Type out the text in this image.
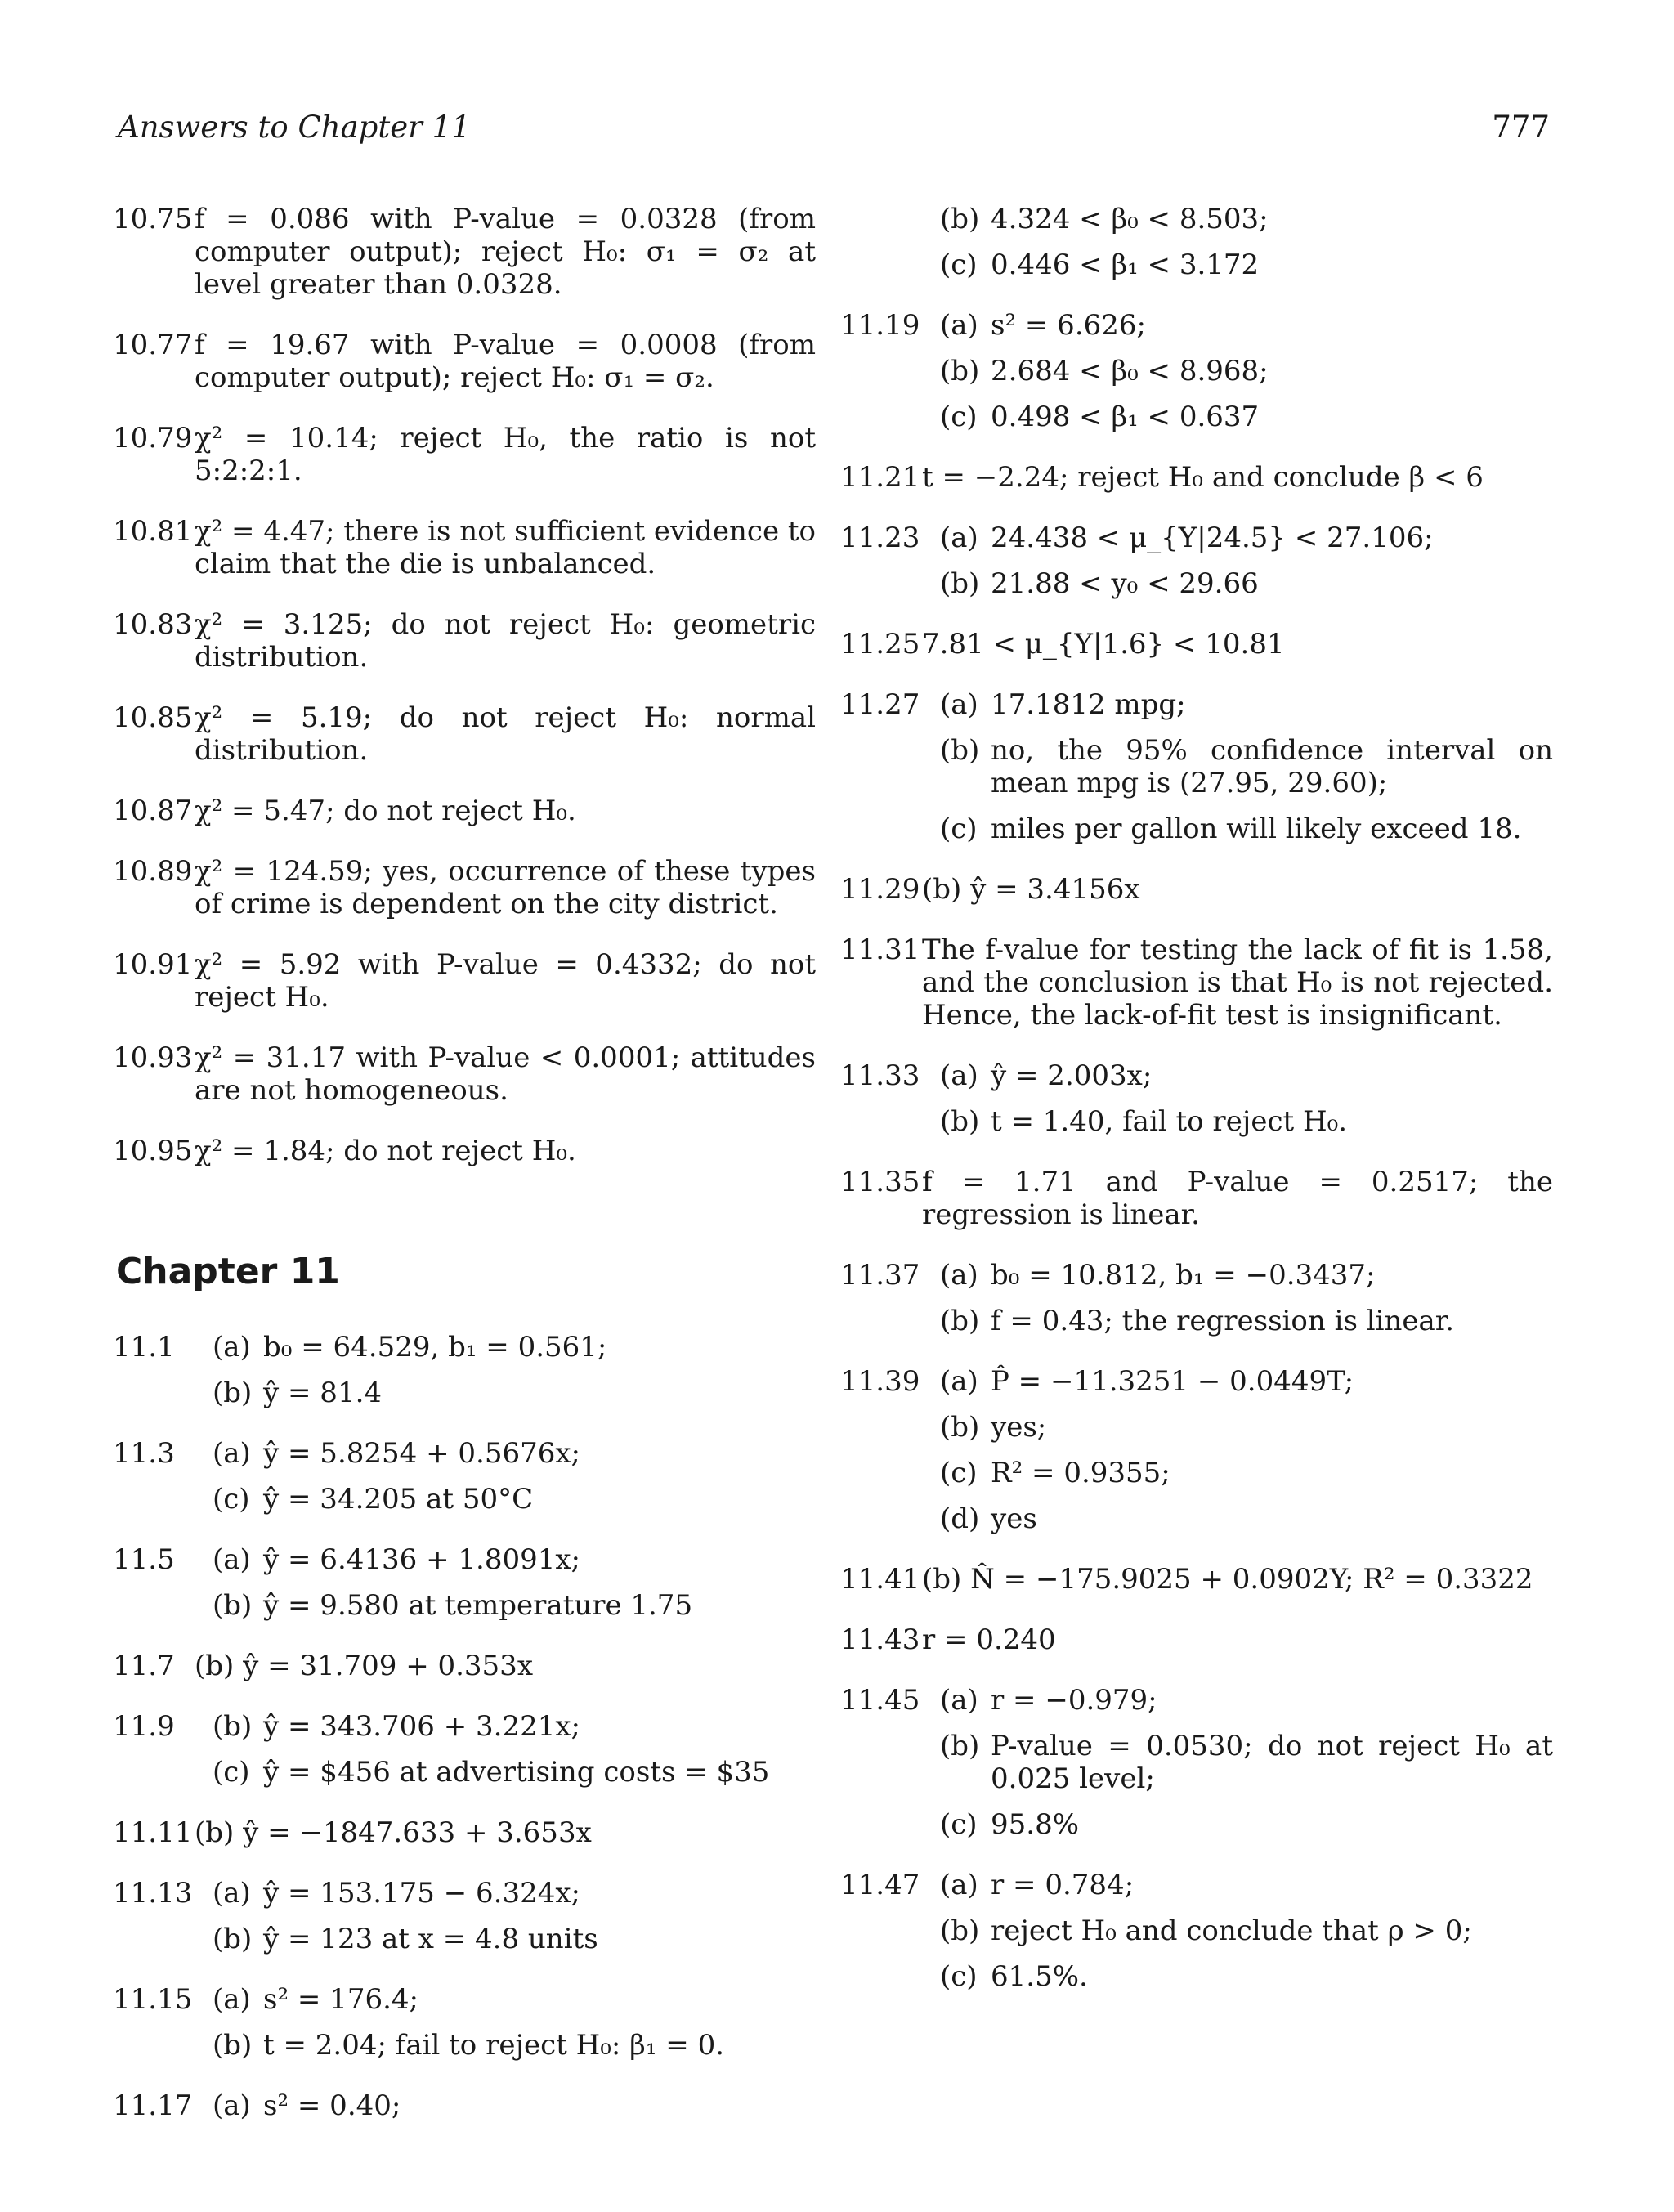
Answers to Chapter 11	777
10.75 f = 0.086 with P-value = 0.0328 (from computer output); reject H₀: σ₁ = σ₂ at level greater than 0.0328.
10.77 f = 19.67 with P-value = 0.0008 (from computer output); reject H₀: σ₁ = σ₂.
10.79 χ² = 10.14; reject H₀, the ratio is not 5:2:2:1.
10.81 χ² = 4.47; there is not sufficient evidence to claim that the die is unbalanced.
10.83 χ² = 3.125; do not reject H₀: geometric distribution.
10.85 χ² = 5.19; do not reject H₀: normal distribution.
10.87 χ² = 5.47; do not reject H₀.
10.89 χ² = 124.59; yes, occurrence of these types of crime is dependent on the city district.
10.91 χ² = 5.92 with P-value = 0.4332; do not reject H₀.
10.93 χ² = 31.17 with P-value < 0.0001; attitudes are not homogeneous.
10.95 χ² = 1.84; do not reject H₀.
Chapter 11
11.1	(a) b₀ = 64.529, b₁ = 0.561;
(b) ŷ = 81.4
11.3	(a) ŷ = 5.8254 + 0.5676x;
(c) ŷ = 34.205 at 50°C
11.5	(a) ŷ = 6.4136 + 1.8091x;
(b) ŷ = 9.580 at temperature 1.75
11.7 (b) ŷ = 31.709 + 0.353x
11.9	(b) ŷ = 343.706 + 3.221x;
(c) ŷ = $456 at advertising costs = $35
11.11 (b) ŷ = −1847.633 + 3.653x
11.13 (a) ŷ = 153.175 − 6.324x;
(b) ŷ = 123 at x = 4.8 units
11.15 (a) s² = 176.4;
(b) t = 2.04; fail to reject H₀: β₁ = 0.
11.17 (a) s² = 0.40;
(b) 4.324 < β₀ < 8.503;
(c) 0.446 < β₁ < 3.172
11.19 (a) s² = 6.626;
(b) 2.684 < β₀ < 8.968;
(c) 0.498 < β₁ < 0.637
11.21 t = −2.24; reject H₀ and conclude β < 6
11.23 (a) 24.438 < μ_{Y|24.5} < 27.106;
(b) 21.88 < y₀ < 29.66
11.25 7.81 < μ_{Y|1.6} < 10.81
11.27 (a) 17.1812 mpg;
(b) no, the 95% confidence interval on mean mpg is (27.95, 29.60);
(c) miles per gallon will likely exceed 18.
11.29 (b) ŷ = 3.4156x
11.31 The f-value for testing the lack of fit is 1.58, and the conclusion is that H₀ is not rejected. Hence, the lack-of-fit test is insignificant.
11.33 (a) ŷ = 2.003x;
(b) t = 1.40, fail to reject H₀.
11.35 f = 1.71 and P-value = 0.2517; the regression is linear.
11.37 (a) b₀ = 10.812, b₁ = −0.3437;
(b) f = 0.43; the regression is linear.
11.39 (a) P̂ = −11.3251 − 0.0449T;
(b) yes;
(c) R² = 0.9355;
(d) yes
11.41 (b) N̂ = −175.9025 + 0.0902Y; R² = 0.3322
11.43 r = 0.240
11.45 (a) r = −0.979;
(b) P-value = 0.0530; do not reject H₀ at 0.025 level;
(c) 95.8%
11.47 (a) r = 0.784;
(b) reject H₀ and conclude that ρ > 0;
(c) 61.5%.
